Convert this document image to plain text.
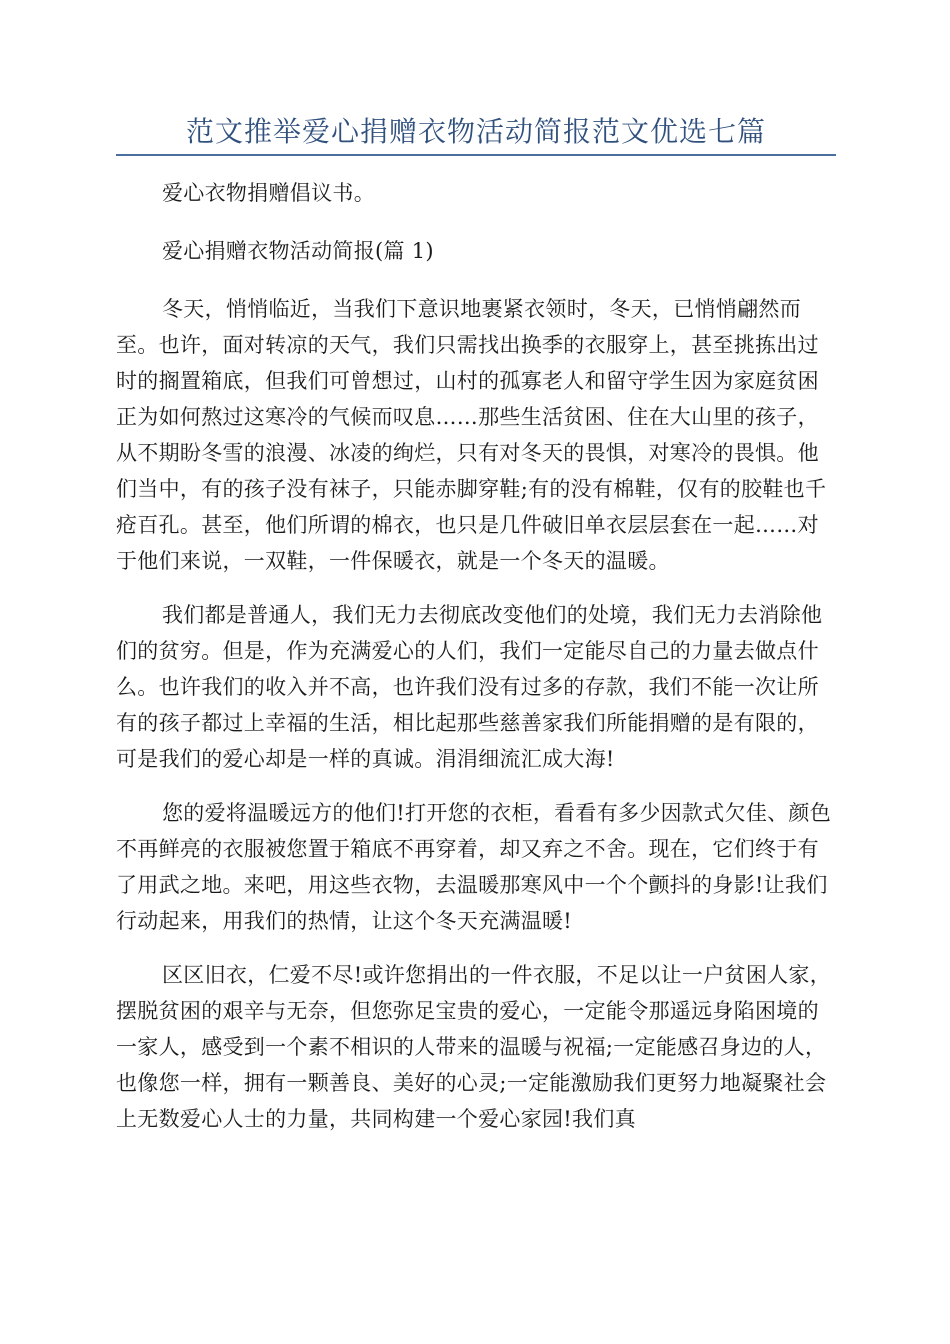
范文推举爱心捐赠衣物活动简报范文优选七篇

爱心衣物捐赠倡议书。

爱心捐赠衣物活动简报(篇 1)

冬天，悄悄临近，当我们下意识地裹紧衣领时，冬天，已悄悄翩然而至。也许，面对转凉的天气，我们只需找出换季的衣服穿上，甚至挑拣出过时的搁置箱底，但我们可曾想过，山村的孤寡老人和留守学生因为家庭贫困正为如何熬过这寒冷的气候而叹息……那些生活贫困、住在大山里的孩子，从不期盼冬雪的浪漫、冰凌的绚烂，只有对冬天的畏惧，对寒冷的畏惧。他们当中，有的孩子没有袜子，只能赤脚穿鞋;有的没有棉鞋，仅有的胶鞋也千疮百孔。甚至，他们所谓的棉衣，也只是几件破旧单衣层层套在一起……对于他们来说，一双鞋，一件保暖衣，就是一个冬天的温暖。

我们都是普通人，我们无力去彻底改变他们的处境，我们无力去消除他们的贫穷。但是，作为充满爱心的人们，我们一定能尽自己的力量去做点什么。也许我们的收入并不高，也许我们没有过多的存款，我们不能一次让所有的孩子都过上幸福的生活，相比起那些慈善家我们所能捐赠的是有限的，可是我们的爱心却是一样的真诚。涓涓细流汇成大海!

您的爱将温暖远方的他们!打开您的衣柜，看看有多少因款式欠佳、颜色不再鲜亮的衣服被您置于箱底不再穿着，却又弃之不舍。现在，它们终于有了用武之地。来吧，用这些衣物，去温暖那寒风中一个个颤抖的身影!让我们行动起来，用我们的热情，让这个冬天充满温暖!

区区旧衣，仁爱不尽!或许您捐出的一件衣服，不足以让一户贫困人家，摆脱贫困的艰辛与无奈，但您弥足宝贵的爱心，一定能令那遥远身陷困境的一家人，感受到一个素不相识的人带来的温暖与祝福;一定能感召身边的人，也像您一样，拥有一颗善良、美好的心灵;一定能激励我们更努力地凝聚社会上无数爱心人士的力量，共同构建一个爱心家园!我们真
